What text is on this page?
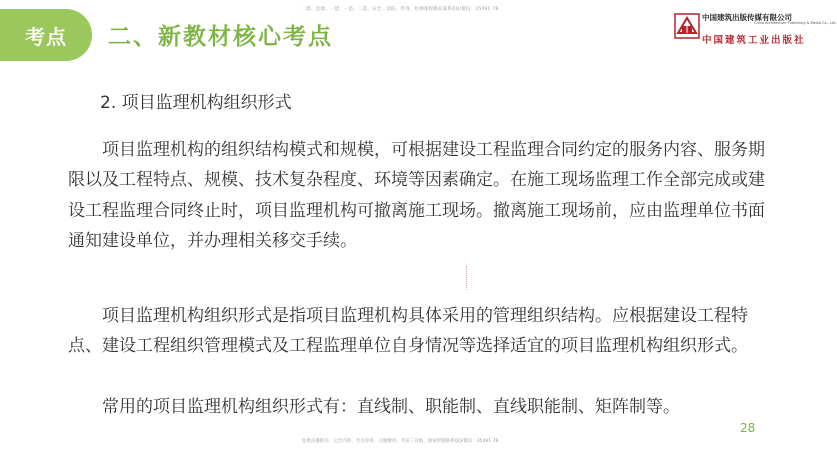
二建、监理、一建、一造、二造、安全、消防、咨询、检测课程精品联系QQ/微信：35491 78
考点 二、新教材核心考点
中国建筑出版传媒有限公司
China Architecture Publishing & Media Co., Ltd.
中国建筑工业出版社
2. 项目监理机构组织形式

项目监理机构的组织结构模式和规模，可根据建设工程监理合同约定的服务内容、服务期限以及工程特点、规模、技术复杂程度、环境等因素确定。在施工现场监理工作全部完成或建设工程监理合同终止时，项目监理机构可撤离施工现场。撤离施工现场前，应由监理单位书面通知建设单位，并办理相关移交手续。

项目监理机构组织形式是指项目监理机构具体采用的管理组织结构。应根据建设工程特点、建设工程组织管理模式及工程监理单位自身情况等选择适宜的项目监理机构组织形式。

常用的项目监理机构组织形式有：直线制、职能制、直线职能制、矩阵制等。

28
免费直播推荐、完全内训、考点串讲、习题精讲、考前三页纸、独家押题联系QQ/微信：35491 78
